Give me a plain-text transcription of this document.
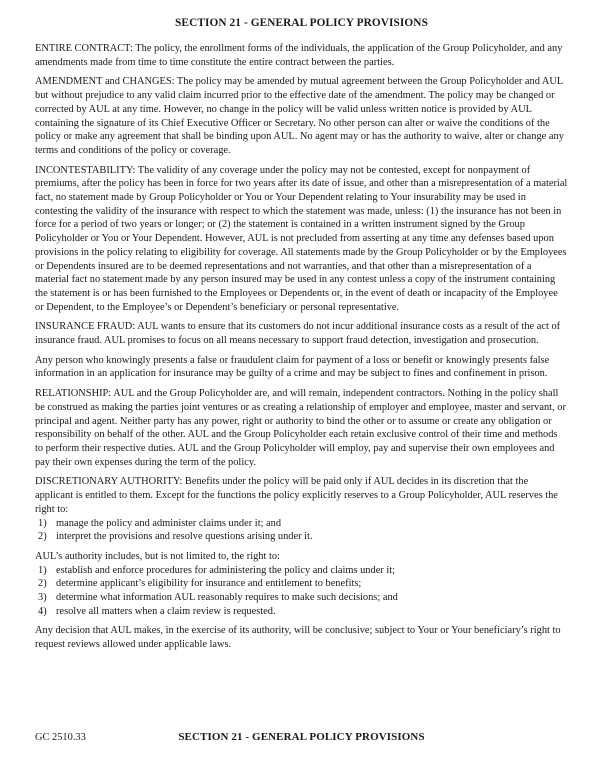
SECTION 21 - GENERAL POLICY PROVISIONS

ENTIRE CONTRACT: The policy, the enrollment forms of the individuals, the application of the Group Policyholder, and any amendments made from time to time constitute the entire contract between the parties.

AMENDMENT and CHANGES: The policy may be amended by mutual agreement between the Group Policyholder and AUL but without prejudice to any valid claim incurred prior to the effective date of the amendment. The policy may be changed or corrected by AUL at any time. However, no change in the policy will be valid unless written notice is provided by AUL containing the signature of its Chief Executive Officer or Secretary. No other person can alter or waive the conditions of the policy or make any agreement that shall be binding upon AUL. No agent may or has the authority to waive, alter or change any terms and conditions of the policy or coverage.

INCONTESTABILITY: The validity of any coverage under the policy may not be contested, except for nonpayment of premiums, after the policy has been in force for two years after its date of issue, and other than a misrepresentation of a material fact, no statement made by Group Policyholder or You or Your Dependent relating to Your insurability may be used in contesting the validity of the insurance with respect to which the statement was made, unless: (1) the insurance has not been in force for a period of two years or longer; or (2) the statement is contained in a written instrument signed by the Group Policyholder or You or Your Dependent. However, AUL is not precluded from asserting at any time any defenses based upon provisions in the policy relating to eligibility for coverage. All statements made by the Group Policyholder or by the Employees or Dependents insured are to be deemed representations and not warranties, and that other than a misrepresentation of a material fact no statement made by any person insured may be used in any contest unless a copy of the instrument containing the statement is or has been furnished to the Employees or Dependents or, in the event of death or incapacity of the Employee or Dependent, to the Employee’s or Dependent’s beneficiary or personal representative.

INSURANCE FRAUD: AUL wants to ensure that its customers do not incur additional insurance costs as a result of the act of insurance fraud. AUL promises to focus on all means necessary to support fraud detection, investigation and prosecution.

Any person who knowingly presents a false or fraudulent claim for payment of a loss or benefit or knowingly presents false information in an application for insurance may be guilty of a crime and may be subject to fines and confinement in prison.

RELATIONSHIP: AUL and the Group Policyholder are, and will remain, independent contractors. Nothing in the policy shall be construed as making the parties joint ventures or as creating a relationship of employer and employee, master and servant, or principal and agent. Neither party has any power, right or authority to bind the other or to assume or create any obligation or responsibility on behalf of the other. AUL and the Group Policyholder each retain exclusive control of their time and methods to perform their respective duties. AUL and the Group Policyholder will employ, pay and supervise their own employees and pay their own expenses during the term of the policy.

DISCRETIONARY AUTHORITY: Benefits under the policy will be paid only if AUL decides in its discretion that the applicant is entitled to them. Except for the functions the policy explicitly reserves to a Group Policyholder, AUL reserves the right to:

1) manage the policy and administer claims under it; and
2) interpret the provisions and resolve questions arising under it.

AUL’s authority includes, but is not limited to, the right to:

1) establish and enforce procedures for administering the policy and claims under it;
2) determine applicant’s eligibility for insurance and entitlement to benefits;
3) determine what information AUL reasonably requires to make such decisions; and
4) resolve all matters when a claim review is requested.

Any decision that AUL makes, in the exercise of its authority, will be conclusive; subject to Your or Your beneficiary’s right to request reviews allowed under applicable laws.

GC 2510.33	SECTION 21 - GENERAL POLICY PROVISIONS
